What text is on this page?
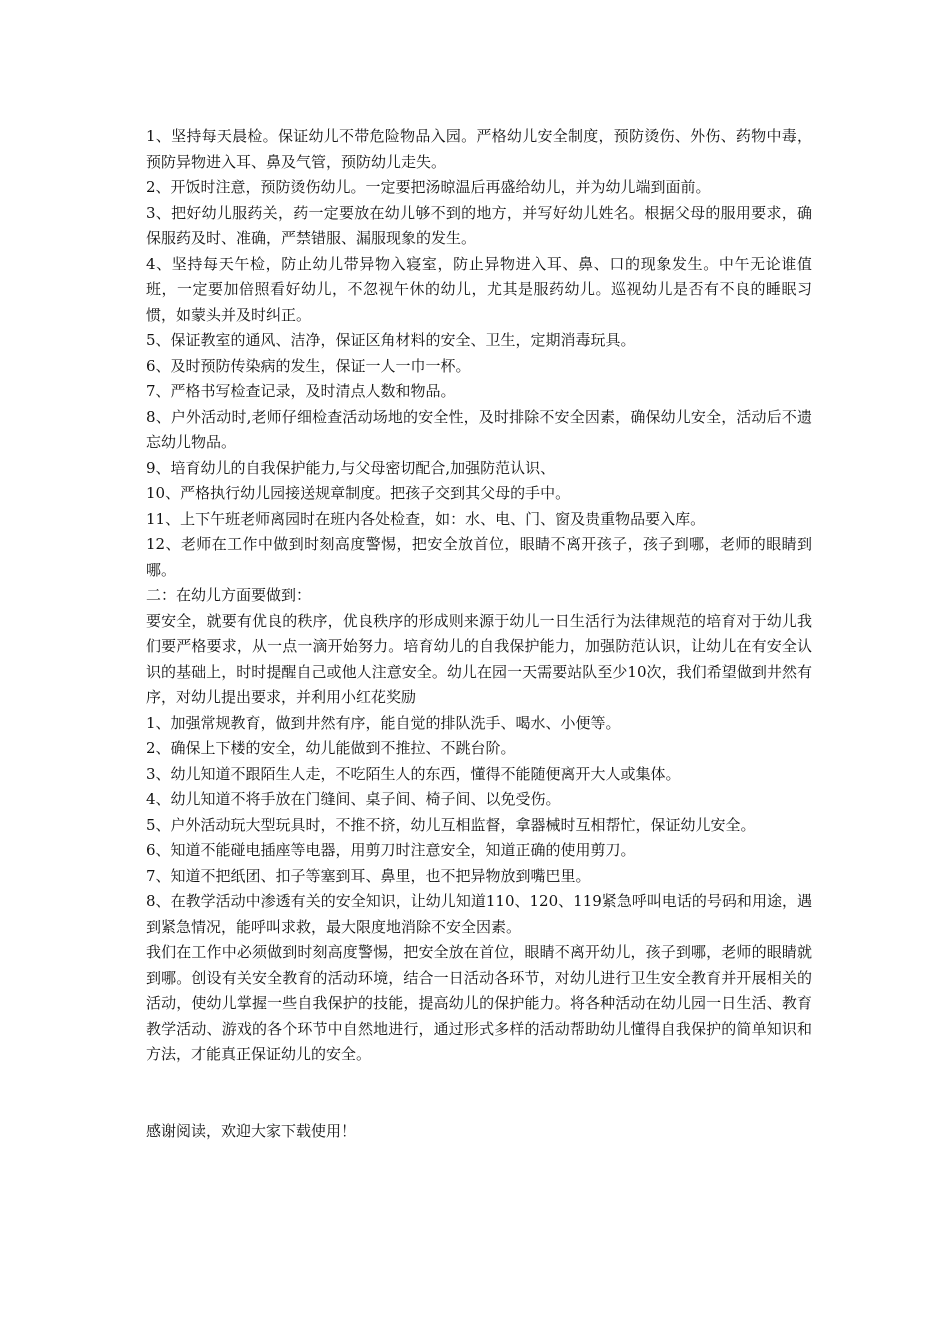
1、坚持每天晨检。保证幼儿不带危险物品入园。严格幼儿安全制度，预防烫伤、外伤、药物中毒，预防异物进入耳、鼻及气管，预防幼儿走失。

2、开饭时注意，预防烫伤幼儿。一定要把汤晾温后再盛给幼儿，并为幼儿端到面前。

3、把好幼儿服药关，药一定要放在幼儿够不到的地方，并写好幼儿姓名。根据父母的服用要求，确保服药及时、准确，严禁错服、漏服现象的发生。

4、坚持每天午检，防止幼儿带异物入寝室，防止异物进入耳、鼻、口的现象发生。中午无论谁值班，一定要加倍照看好幼儿，不忽视午休的幼儿，尤其是服药幼儿。巡视幼儿是否有不良的睡眠习惯，如蒙头并及时纠正。

5、保证教室的通风、洁净，保证区角材料的安全、卫生，定期消毒玩具。

6、及时预防传染病的发生，保证一人一巾一杯。

7、严格书写检查记录，及时清点人数和物品。

8、户外活动时,老师仔细检查活动场地的安全性，及时排除不安全因素，确保幼儿安全，活动后不遗忘幼儿物品。

9、培育幼儿的自我保护能力,与父母密切配合,加强防范认识、

10、严格执行幼儿园接送规章制度。把孩子交到其父母的手中。

11、上下午班老师离园时在班内各处检查，如：水、电、门、窗及贵重物品要入库。

12、老师在工作中做到时刻高度警惕，把安全放首位，眼睛不离开孩子，孩子到哪，老师的眼睛到哪。

二：在幼儿方面要做到：

要安全，就要有优良的秩序，优良秩序的形成则来源于幼儿一日生活行为法律规范的培育对于幼儿我们要严格要求，从一点一滴开始努力。培育幼儿的自我保护能力，加强防范认识，让幼儿在有安全认识的基础上，时时提醒自己或他人注意安全。幼儿在园一天需要站队至少10次，我们希望做到井然有序，对幼儿提出要求，并利用小红花奖励

1、加强常规教育，做到井然有序，能自觉的排队洗手、喝水、小便等。

2、确保上下楼的安全，幼儿能做到不推拉、不跳台阶。

3、幼儿知道不跟陌生人走，不吃陌生人的东西，懂得不能随便离开大人或集体。

4、幼儿知道不将手放在门缝间、桌子间、椅子间、以免受伤。

5、户外活动玩大型玩具时，不推不挤，幼儿互相监督，拿器械时互相帮忙，保证幼儿安全。

6、知道不能碰电插座等电器，用剪刀时注意安全，知道正确的使用剪刀。

7、知道不把纸团、扣子等塞到耳、鼻里，也不把异物放到嘴巴里。

8、在教学活动中渗透有关的安全知识，让幼儿知道110、120、119紧急呼叫电话的号码和用途，遇到紧急情况，能呼叫求救，最大限度地消除不安全因素。

我们在工作中必须做到时刻高度警惕，把安全放在首位，眼睛不离开幼儿，孩子到哪，老师的眼睛就到哪。创设有关安全教育的活动环境，结合一日活动各环节，对幼儿进行卫生安全教育并开展相关的活动，使幼儿掌握一些自我保护的技能，提高幼儿的保护能力。将各种活动在幼儿园一日生活、教育教学活动、游戏的各个环节中自然地进行，通过形式多样的活动帮助幼儿懂得自我保护的简单知识和方法，才能真正保证幼儿的安全。

感谢阅读，欢迎大家下载使用！
